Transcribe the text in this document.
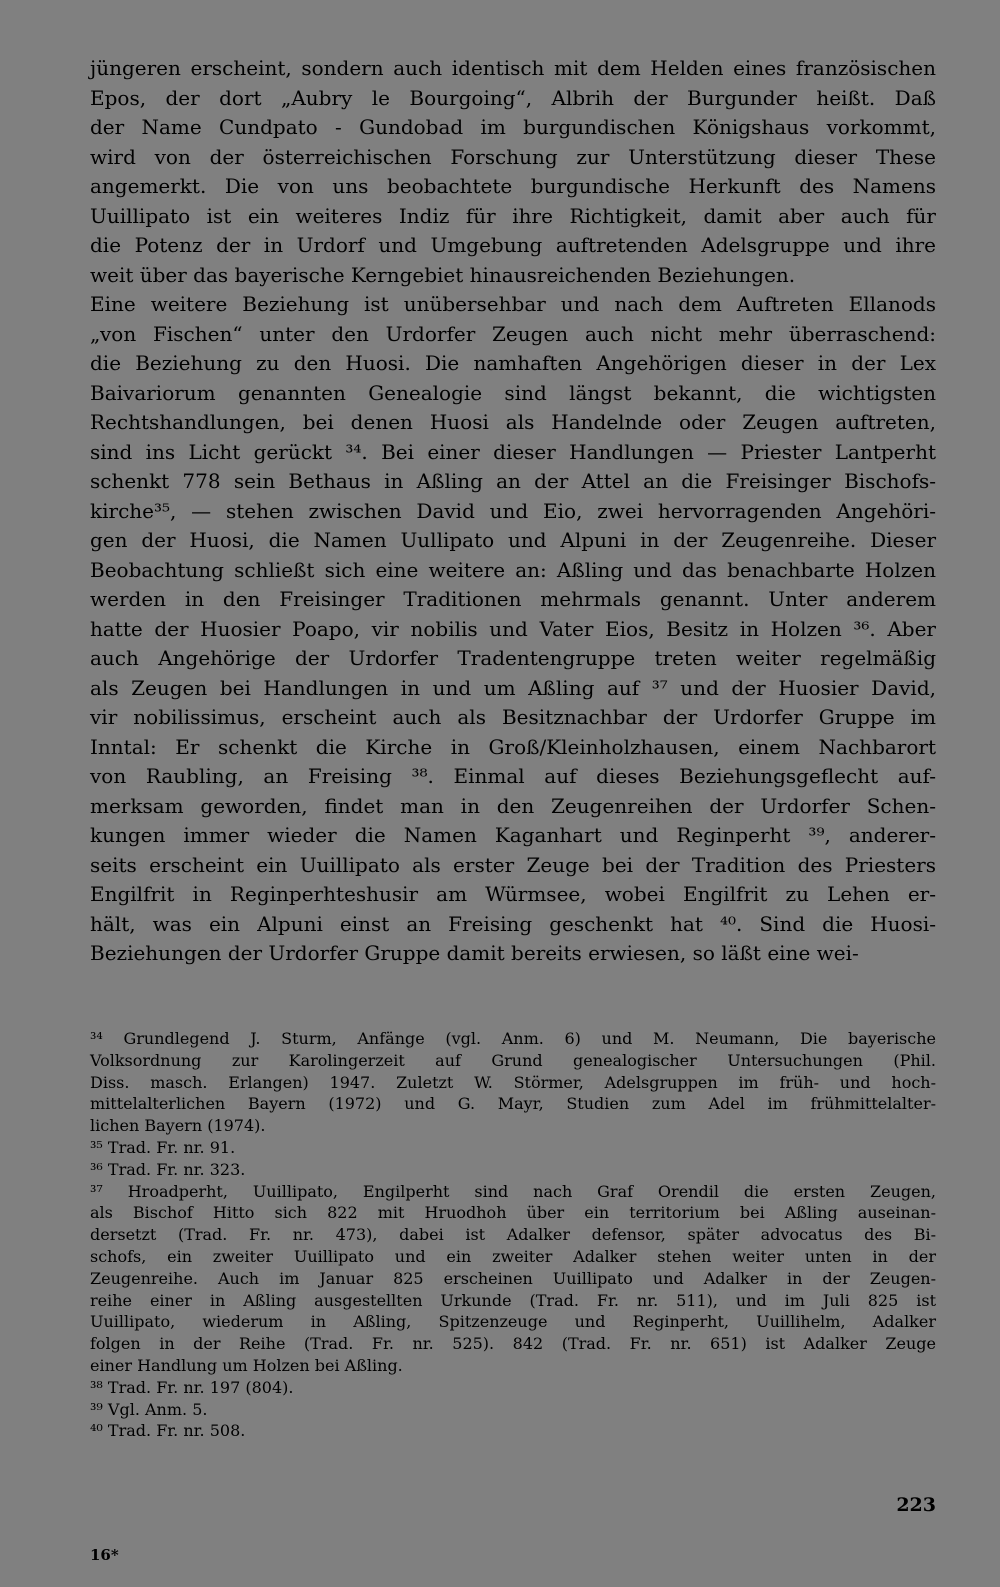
jüngeren erscheint, sondern auch identisch mit dem Helden eines französischen
Epos, der dort „Aubry le Bourgoing“, Albrih der Burgunder heißt. Daß
der Name Cundpato - Gundobad im burgundischen Königshaus vorkommt,
wird von der österreichischen Forschung zur Unterstützung dieser These
angemerkt. Die von uns beobachtete burgundische Herkunft des Namens
Uuillipato ist ein weiteres Indiz für ihre Richtigkeit, damit aber auch für
die Potenz der in Urdorf und Umgebung auftretenden Adelsgruppe und ihre
weit über das bayerische Kerngebiet hinausreichenden Beziehungen.
Eine weitere Beziehung ist unübersehbar und nach dem Auftreten Ellanods
„von Fischen“ unter den Urdorfer Zeugen auch nicht mehr überraschend:
die Beziehung zu den Huosi. Die namhaften Angehörigen dieser in der Lex
Baivariorum genannten Genealogie sind längst bekannt, die wichtigsten
Rechtshandlungen, bei denen Huosi als Handelnde oder Zeugen auftreten,
sind ins Licht gerückt ³⁴. Bei einer dieser Handlungen — Priester Lantperht
schenkt 778 sein Bethaus in Aßling an der Attel an die Freisinger Bischofs-
kirche³⁵, — stehen zwischen David und Eio, zwei hervorragenden Angehöri-
gen der Huosi, die Namen Uullipato und Alpuni in der Zeugenreihe. Dieser
Beobachtung schließt sich eine weitere an: Aßling und das benachbarte Holzen
werden in den Freisinger Traditionen mehrmals genannt. Unter anderem
hatte der Huosier Poapo, vir nobilis und Vater Eios, Besitz in Holzen ³⁶. Aber
auch Angehörige der Urdorfer Tradentengruppe treten weiter regelmäßig
als Zeugen bei Handlungen in und um Aßling auf ³⁷ und der Huosier David,
vir nobilissimus, erscheint auch als Besitznachbar der Urdorfer Gruppe im
Inntal: Er schenkt die Kirche in Groß/Kleinholzhausen, einem Nachbarort
von Raubling, an Freising ³⁸. Einmal auf dieses Beziehungsgeflecht auf-
merksam geworden, findet man in den Zeugenreihen der Urdorfer Schen-
kungen immer wieder die Namen Kaganhart und Reginperht ³⁹, anderer-
seits erscheint ein Uuillipato als erster Zeuge bei der Tradition des Priesters
Engilfrit in Reginperhteshusir am Würmsee, wobei Engilfrit zu Lehen er-
hält, was ein Alpuni einst an Freising geschenkt hat ⁴⁰. Sind die Huosi-
Beziehungen der Urdorfer Gruppe damit bereits erwiesen, so läßt eine wei-
³⁴ Grundlegend J. Sturm, Anfänge (vgl. Anm. 6) und M. Neumann, Die bayerische
Volksordnung zur Karolingerzeit auf Grund genealogischer Untersuchungen (Phil.
Diss. masch. Erlangen) 1947. Zuletzt W. Störmer, Adelsgruppen im früh- und hoch-
mittelalterlichen Bayern (1972) und G. Mayr, Studien zum Adel im frühmittelalter-
lichen Bayern (1974).
³⁵ Trad. Fr. nr. 91.
³⁶ Trad. Fr. nr. 323.
³⁷ Hroadperht, Uuillipato, Engilperht sind nach Graf Orendil die ersten Zeugen,
als Bischof Hitto sich 822 mit Hruodhoh über ein territorium bei Aßling auseinan-
dersetzt (Trad. Fr. nr. 473), dabei ist Adalker defensor, später advocatus des Bi-
schofs, ein zweiter Uuillipato und ein zweiter Adalker stehen weiter unten in der
Zeugenreihe. Auch im Januar 825 erscheinen Uuillipato und Adalker in der Zeugen-
reihe einer in Aßling ausgestellten Urkunde (Trad. Fr. nr. 511), und im Juli 825 ist
Uuillipato, wiederum in Aßling, Spitzenzeuge und Reginperht, Uuillihelm, Adalker
folgen in der Reihe (Trad. Fr. nr. 525). 842 (Trad. Fr. nr. 651) ist Adalker Zeuge
einer Handlung um Holzen bei Aßling.
³⁸ Trad. Fr. nr. 197 (804).
³⁹ Vgl. Anm. 5.
⁴⁰ Trad. Fr. nr. 508.
223
16*
